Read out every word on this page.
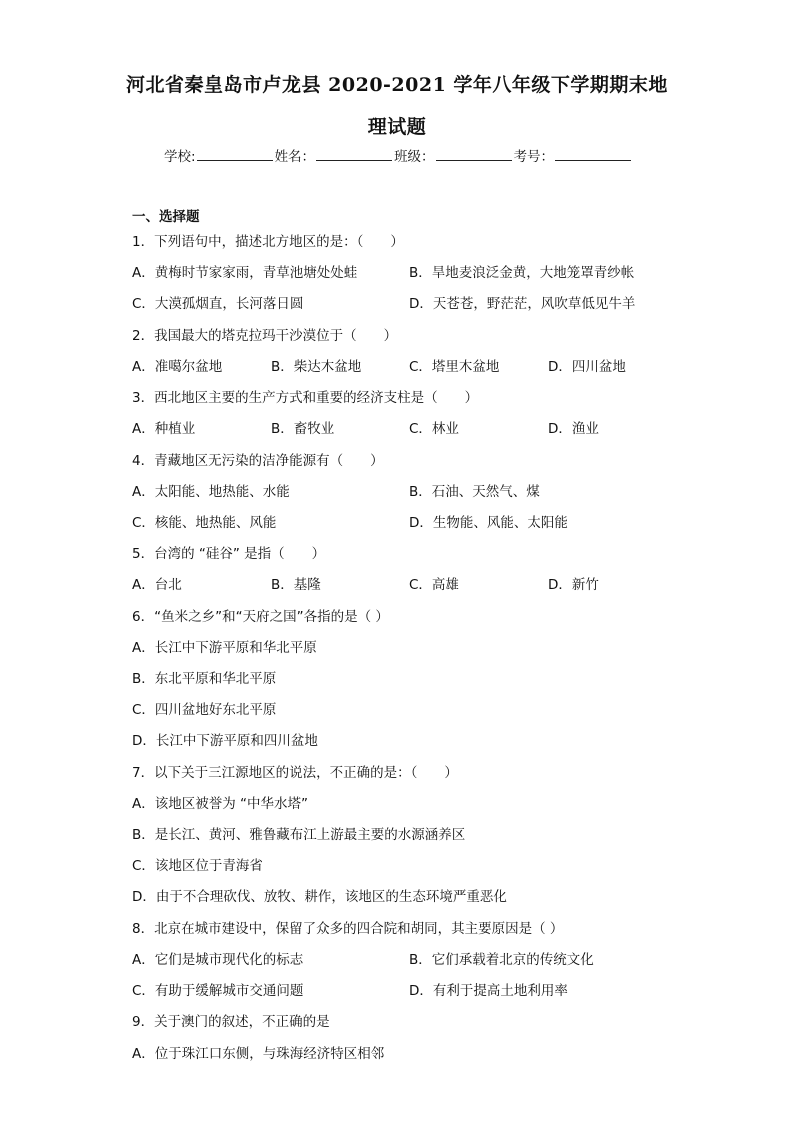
河北省秦皇岛市卢龙县 2020-2021 学年八年级下学期期末地
理试题
学校:	姓名：	班级：	考号：
一、选择题
1．下列语句中，描述北方地区的是：（　　）
A．黄梅时节家家雨，青草池塘处处蛙	B．旱地麦浪泛金黄，大地笼罩青纱帐
C．大漠孤烟直，长河落日圆	D．天苍苍，野茫茫，风吹草低见牛羊
2．我国最大的塔克拉玛干沙漠位于（　　）
A．准噶尔盆地	B．柴达木盆地	C．塔里木盆地	D．四川盆地
3．西北地区主要的生产方式和重要的经济支柱是（　　）
A．种植业	B．畜牧业	C．林业	D．渔业
4．青藏地区无污染的洁净能源有（　　）
A．太阳能、地热能、水能	B．石油、天然气、煤
C．核能、地热能、风能	D．生物能、风能、太阳能
5．台湾的 “硅谷” 是指（　　）
A．台北	B．基隆	C．高雄	D．新竹
6．“鱼米之乡”和“天府之国”各指的是（ ）
A．长江中下游平原和华北平原
B．东北平原和华北平原
C．四川盆地好东北平原
D．长江中下游平原和四川盆地
7．以下关于三江源地区的说法，不正确的是：（　　）
A．该地区被誉为 “中华水塔”
B．是长江、黄河、雅鲁藏布江上游最主要的水源涵养区
C．该地区位于青海省
D．由于不合理砍伐、放牧、耕作，该地区的生态环境严重恶化
8．北京在城市建设中，保留了众多的四合院和胡同，其主要原因是（ ）
A．它们是城市现代化的标志	B．它们承载着北京的传统文化
C．有助于缓解城市交通问题	D．有利于提高土地利用率
9．关于澳门的叙述，不正确的是
A．位于珠江口东侧，与珠海经济特区相邻
